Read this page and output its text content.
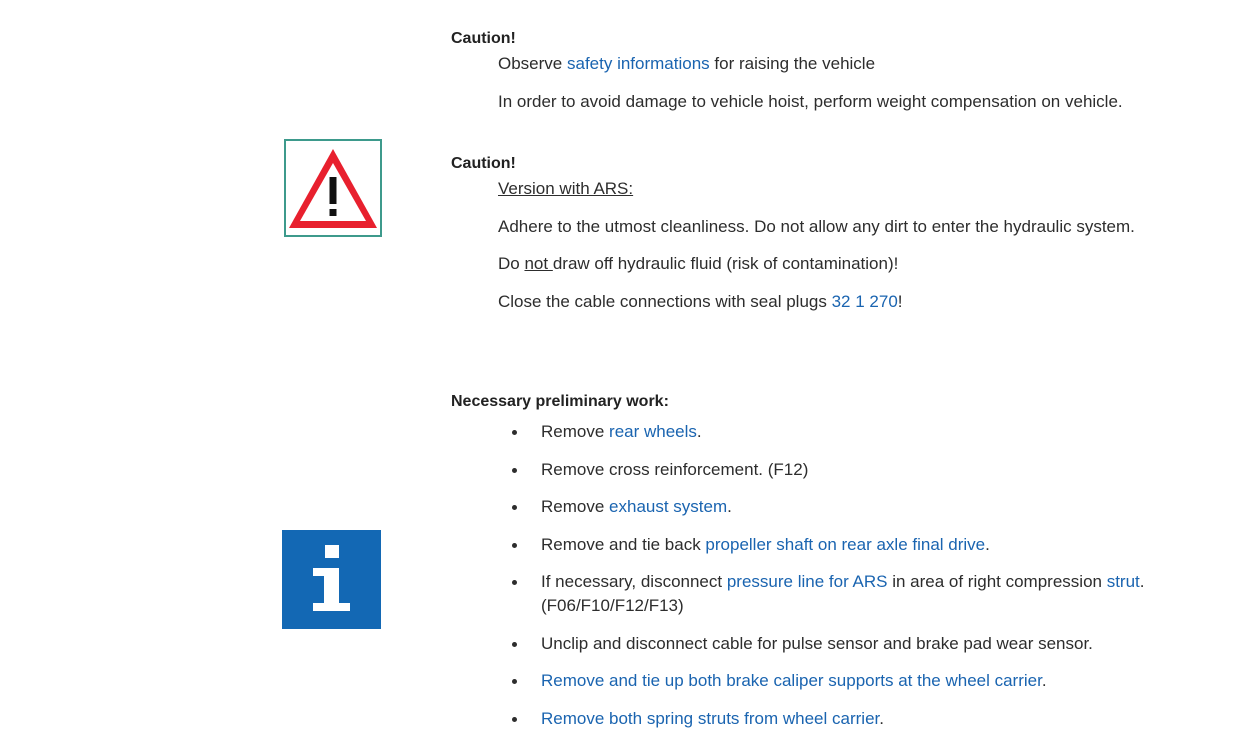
Caution!
Observe safety informations for raising the vehicle
In order to avoid damage to vehicle hoist, perform weight compensation on vehicle.
Caution!
Version with ARS:
Adhere to the utmost cleanliness. Do not allow any dirt to enter the hydraulic system.
Do not draw off hydraulic fluid (risk of contamination)!
Close the cable connections with seal plugs 32 1 270!
Necessary preliminary work:
Remove rear wheels.
Remove cross reinforcement. (F12)
Remove exhaust system.
Remove and tie back propeller shaft on rear axle final drive.
If necessary, disconnect pressure line for ARS in area of right compression strut.
(F06/F10/F12/F13)
Unclip and disconnect cable for pulse sensor and brake pad wear sensor.
Remove and tie up both brake caliper supports at the wheel carrier.
Remove both spring struts from wheel carrier.
